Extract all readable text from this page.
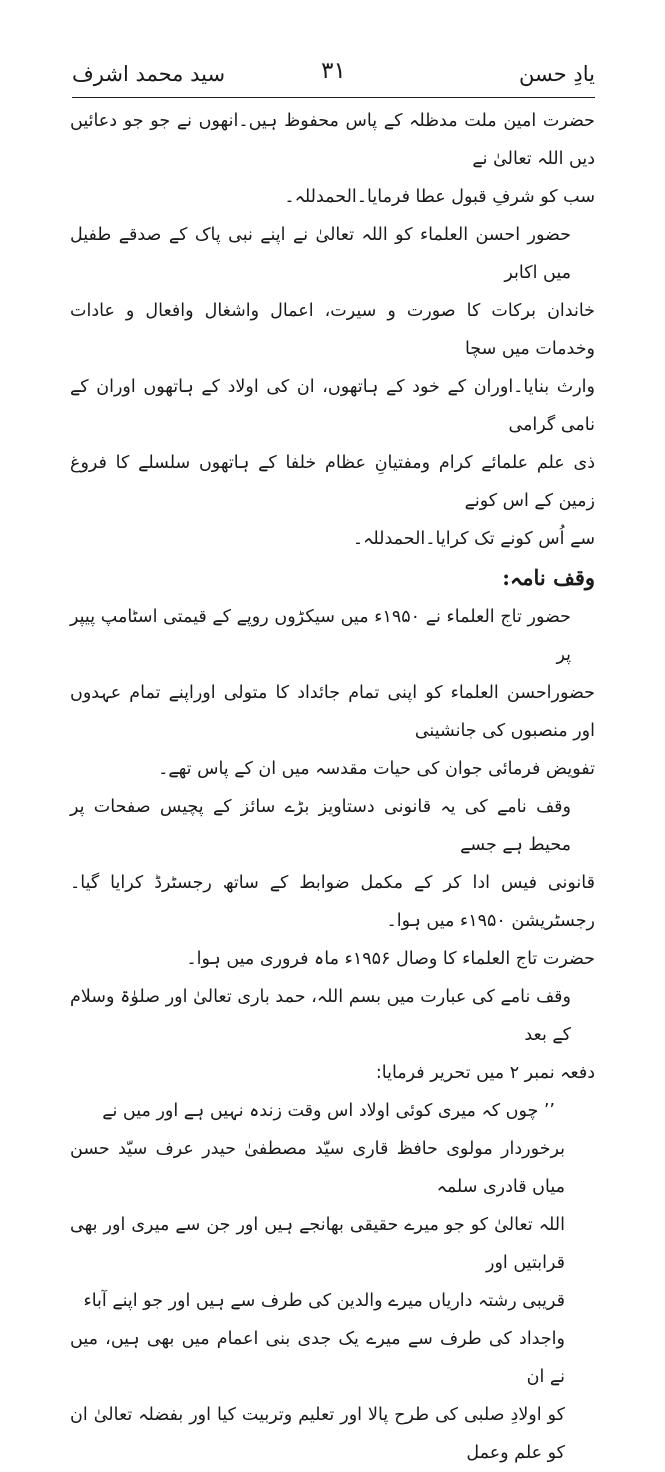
یادِ حسن
۳۱
سید محمد اشرف

حضرت امین ملت مدظلہ کے پاس محفوظ ہیں۔انھوں نے جو جو دعائیں دیں اللہ تعالیٰ نے

سب کو شرفِ قبول عطا فرمایا۔الحمدللہ۔

حضور احسن العلماء کو اللہ تعالیٰ نے اپنے نبی پاک کے صدقے طفیل میں اکابر

خاندان برکات کا صورت و سیرت، اعمال واشغال وافعال و عادات وخدمات میں سچا

وارث بنایا۔اوران کے خود کے ہاتھوں، ان کی اولاد کے ہاتھوں اوران کے نامی گرامی

ذی علم علمائے کرام ومفتیانِ عظام خلفا کے ہاتھوں سلسلے کا فروغ زمین کے اس کونے

سے اُس کونے تک کرایا۔الحمدللہ۔

وقف نامہ:

حضور تاج العلماء نے ۱۹۵۰ء میں سیکڑوں روپے کے قیمتی اسٹامپ پیپر پر

حضوراحسن العلماء کو اپنی تمام جائداد کا متولی اوراپنے تمام عہدوں اور منصبوں کی جانشینی

تفویض فرمائی جوان کی حیات مقدسہ میں ان کے پاس تھے۔

وقف نامے کی یہ قانونی دستاویز بڑے سائز کے پچیس صفحات پر محیط ہے جسے

قانونی فیس ادا کر کے مکمل ضوابط کے ساتھ رجسٹرڈ کرایا گیا۔ رجسٹریشن ۱۹۵۰ء میں ہوا۔

حضرت تاج العلماء کا وصال ۱۹۵۶ء ماہ فروری میں ہوا۔

وقف نامے کی عبارت میں بسم اللہ، حمد باری تعالیٰ اور صلوٰۃ وسلام کے بعد

دفعہ نمبر ۲ میں تحریر فرمایا:

’’ چوں کہ میری کوئی اولاد اس وقت زندہ نہیں ہے اور میں نے

برخوردار مولوی حافظ قاری سیّد مصطفیٰ حیدر عرف سیّد حسن میاں قادری سلمہ

اللہ تعالیٰ کو جو میرے حقیقی بھانجے ہیں اور جن سے میری اور بھی قرابتیں اور

قریبی رشتہ داریاں میرے والدین کی طرف سے ہیں اور جو اپنے آباء

واجداد کی طرف سے میرے یک جدی بنی اعمام میں بھی ہیں، میں نے ان

کو اولادِ صلبی کی طرح پالا اور تعلیم وتربیت کیا اور بفضلہ تعالیٰ ان کو علم وعمل
